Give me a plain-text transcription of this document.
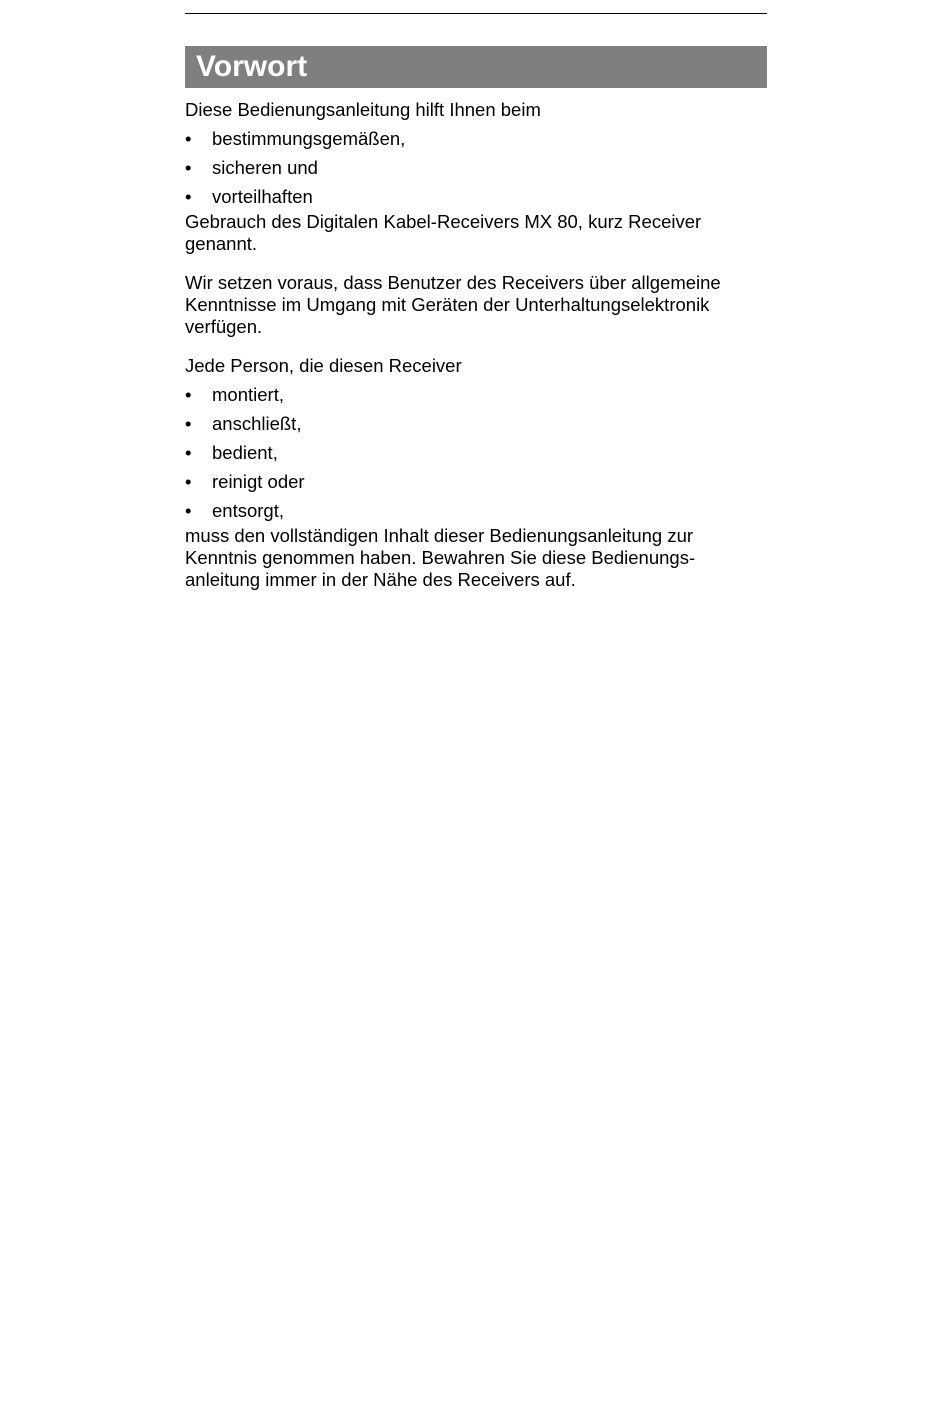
Vorwort

Diese Bedienungsanleitung hilft Ihnen beim

•	bestimmungsgemäßen,
•	sicheren und
•	vorteilhaften

Gebrauch des Digitalen Kabel-Receivers MX 80, kurz Receiver genannt.

Wir setzen voraus, dass Benutzer des Receivers über allgemeine Kenntnisse im Umgang mit Geräten der Unterhaltungselektronik verfügen.

Jede Person, die diesen Receiver

•	montiert,
•	anschließt,
•	bedient,
•	reinigt oder
•	entsorgt,

muss den vollständigen Inhalt dieser Bedienungsanleitung zur
Kenntnis genommen haben. Bewahren Sie diese Bedienungs-
anleitung immer in der Nähe des Receivers auf.
